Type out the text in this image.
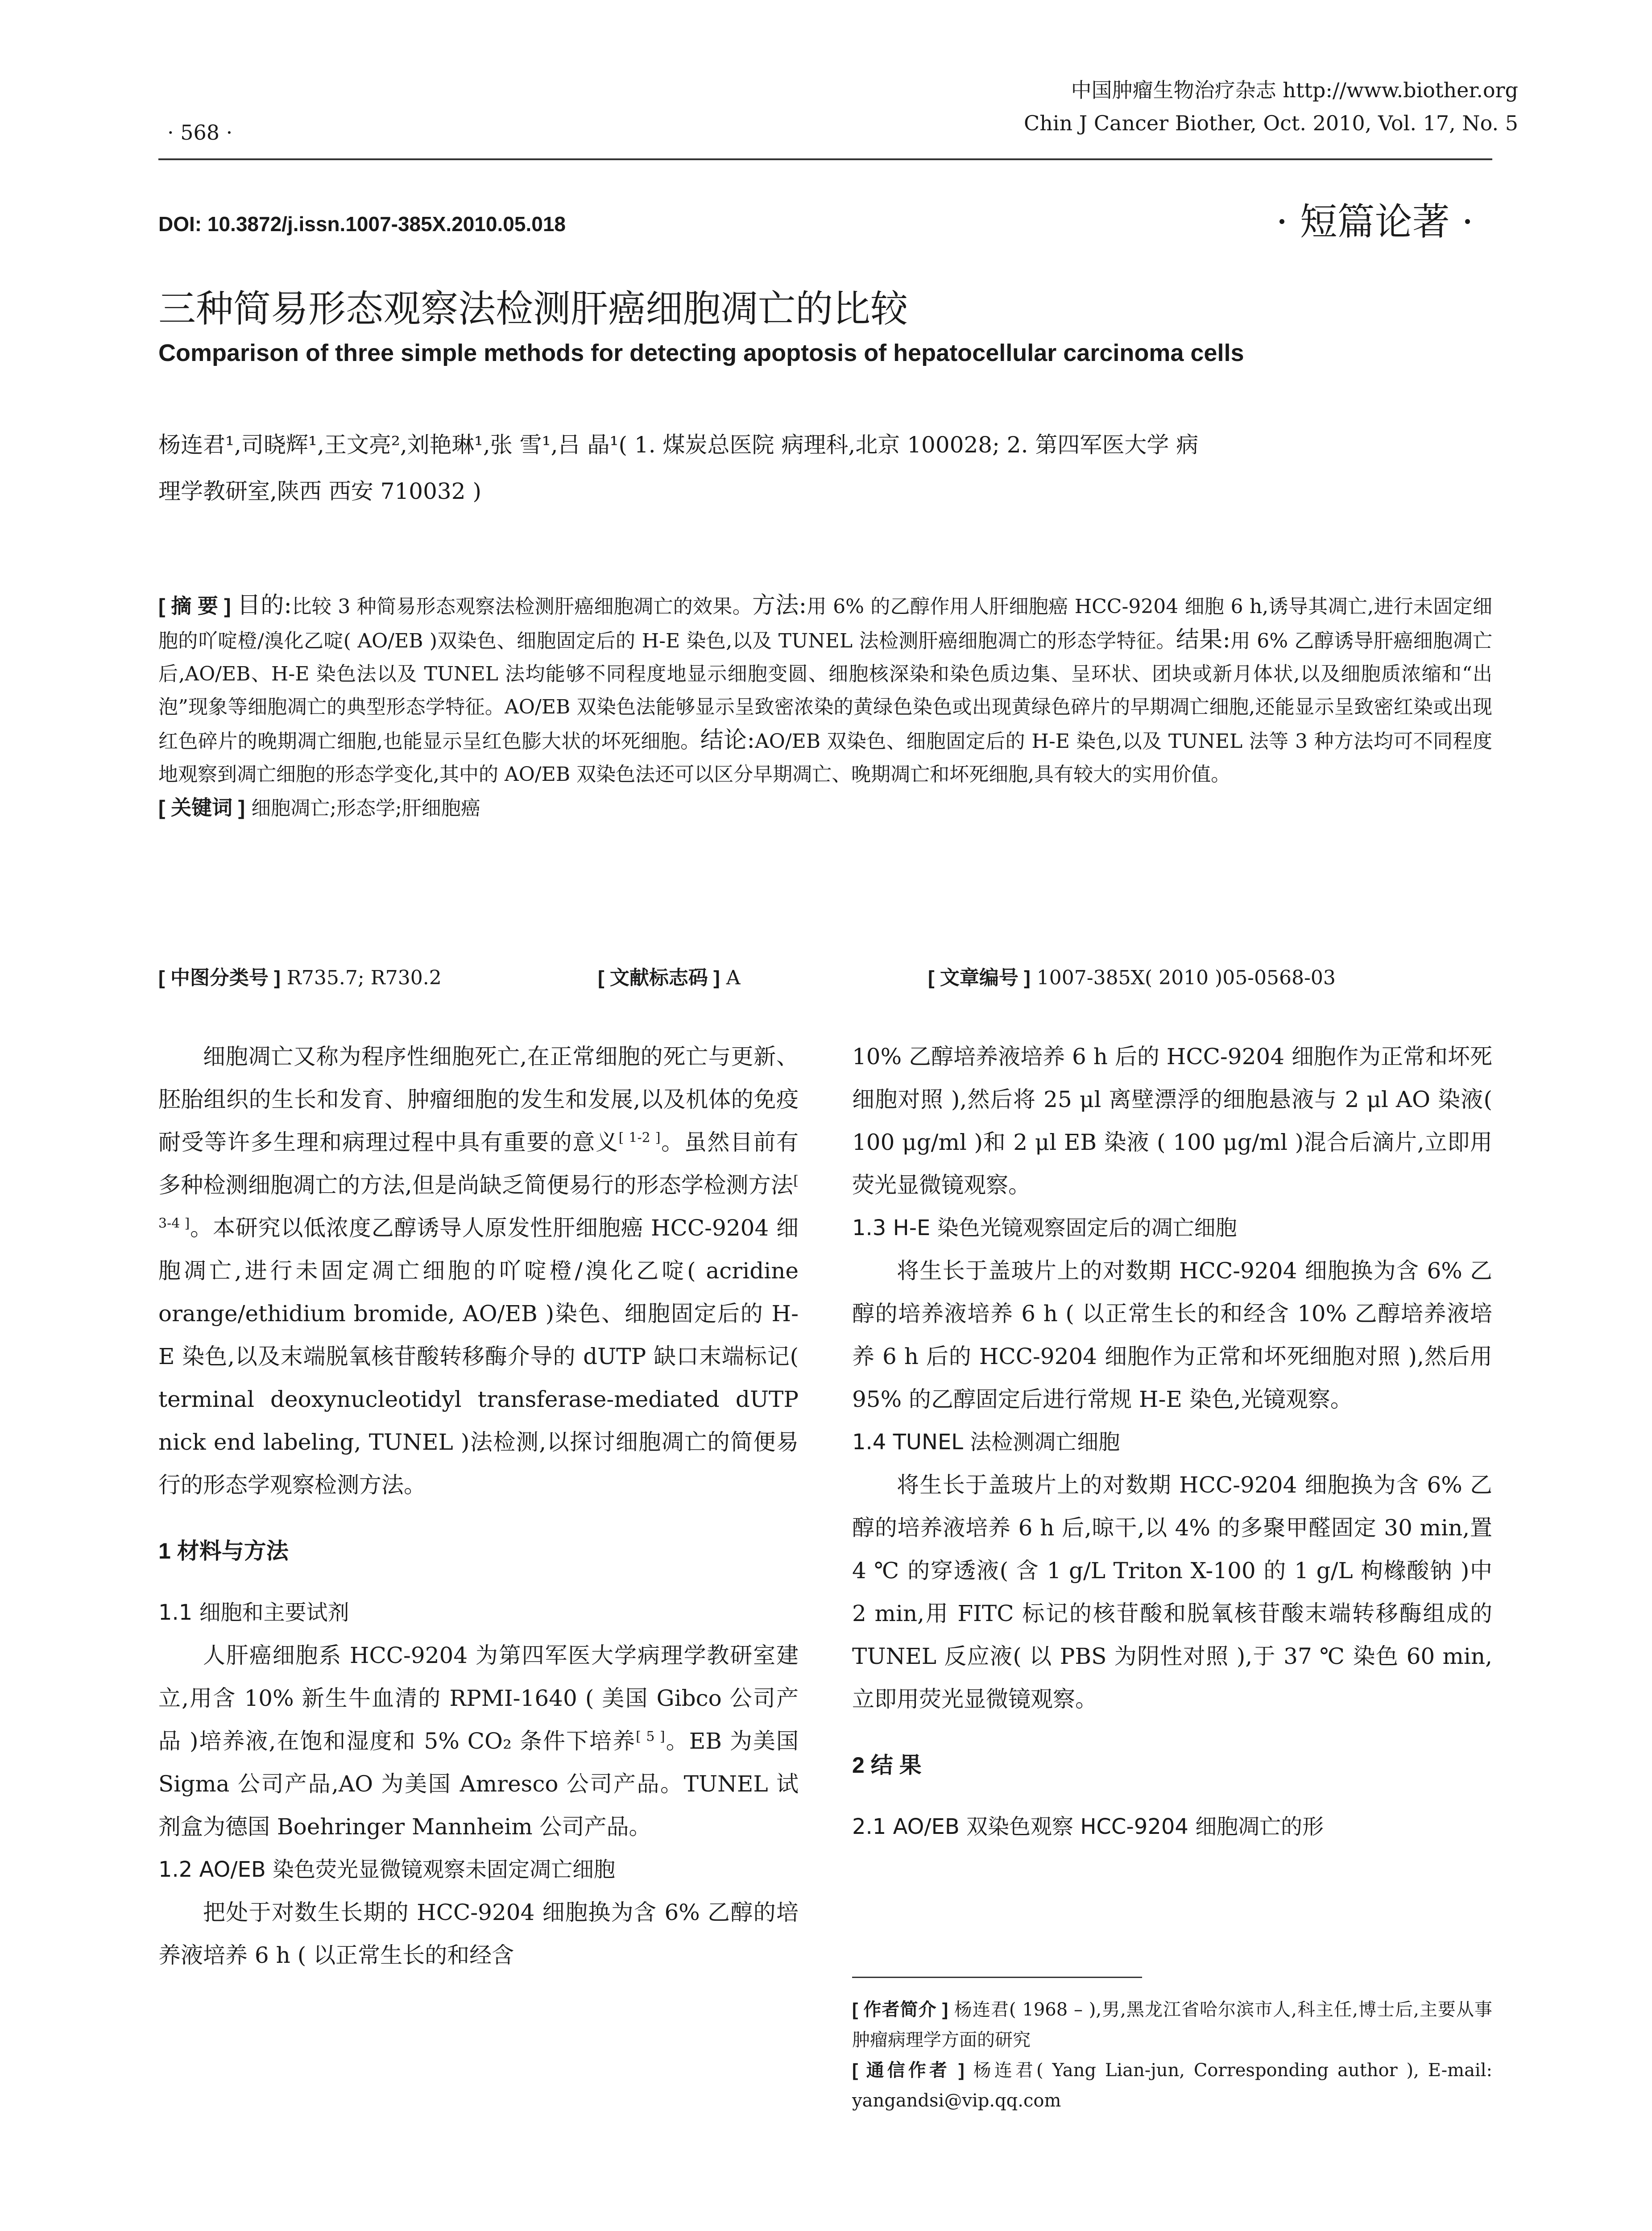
中国肿瘤生物治疗杂志 http://www.biother.org
Chin J Cancer Biother, Oct. 2010, Vol. 17, No. 5
· 568 ·
DOI: 10.3872/j.issn.1007-385X.2010.05.018	· 短篇论著 ·
三种简易形态观察法检测肝癌细胞凋亡的比较
Comparison of three simple methods for detecting apoptosis of hepatocellular carcinoma cells
杨连君¹,司晓辉¹,王文亮²,刘艳琳¹,张 雪¹,吕 晶¹( 1. 煤炭总医院 病理科,北京 100028; 2. 第四军医大学 病
理学教研室,陕西 西安 710032 )
[ 摘 要 ] 目的:比较 3 种简易形态观察法检测肝癌细胞凋亡的效果。方法:用 6% 的乙醇作用人肝细胞癌 HCC-9204 细胞 6 h,诱导其凋亡,进行未固定细胞的吖啶橙/溴化乙啶( AO/EB )双染色、细胞固定后的 H-E 染色,以及 TUNEL 法检测肝癌细胞凋亡的形态学特征。结果:用 6% 乙醇诱导肝癌细胞凋亡后,AO/EB、H-E 染色法以及 TUNEL 法均能够不同程度地显示细胞变圆、细胞核深染和染色质边集、呈环状、团块或新月体状,以及细胞质浓缩和“出泡”现象等细胞凋亡的典型形态学特征。AO/EB 双染色法能够显示呈致密浓染的黄绿色染色或出现黄绿色碎片的早期凋亡细胞,还能显示呈致密红染或出现红色碎片的晚期凋亡细胞,也能显示呈红色膨大状的坏死细胞。结论:AO/EB 双染色、细胞固定后的 H-E 染色,以及 TUNEL 法等 3 种方法均可不同程度地观察到凋亡细胞的形态学变化,其中的 AO/EB 双染色法还可以区分早期凋亡、晚期凋亡和坏死细胞,具有较大的实用价值。
[ 关键词 ] 细胞凋亡;形态学;肝细胞癌
[ 中图分类号 ] R735.7; R730.2	[ 文献标志码 ] A	[ 文章编号 ] 1007-385X( 2010 )05-0568-03

细胞凋亡又称为程序性细胞死亡,在正常细胞的死亡与更新、胚胎组织的生长和发育、肿瘤细胞的发生和发展,以及机体的免疫耐受等许多生理和病理过程中具有重要的意义[ 1-2 ]。虽然目前有多种检测细胞凋亡的方法,但是尚缺乏简便易行的形态学检测方法[ 3-4 ]。本研究以低浓度乙醇诱导人原发性肝细胞癌 HCC-9204 细胞凋亡,进行未固定凋亡细胞的吖啶橙/溴化乙啶( acridine orange/ethidium bromide, AO/EB )染色、细胞固定后的 H-E 染色,以及末端脱氧核苷酸转移酶介导的 dUTP 缺口末端标记( terminal deoxynucleotidyl transferase-mediated dUTP nick end labeling, TUNEL )法检测,以探讨细胞凋亡的简便易行的形态学观察检测方法。

1 材料与方法
1.1 细胞和主要试剂

人肝癌细胞系 HCC-9204 为第四军医大学病理学教研室建立,用含 10% 新生牛血清的 RPMI-1640 ( 美国 Gibco 公司产品 )培养液,在饱和湿度和 5% CO₂ 条件下培养[ 5 ]。EB 为美国 Sigma 公司产品,AO 为美国 Amresco 公司产品。TUNEL 试剂盒为德国 Boehringer Mannheim 公司产品。

1.2 AO/EB 染色荧光显微镜观察未固定凋亡细胞

把处于对数生长期的 HCC-9204 细胞换为含 6% 乙醇的培养液培养 6 h ( 以正常生长的和经含

10% 乙醇培养液培养 6 h 后的 HCC-9204 细胞作为正常和坏死细胞对照 ),然后将 25 μl 离壁漂浮的细胞悬液与 2 μl AO 染液( 100 μg/ml )和 2 μl EB 染液 ( 100 μg/ml )混合后滴片,立即用荧光显微镜观察。

1.3 H-E 染色光镜观察固定后的凋亡细胞

将生长于盖玻片上的对数期 HCC-9204 细胞换为含 6% 乙醇的培养液培养 6 h ( 以正常生长的和经含 10% 乙醇培养液培养 6 h 后的 HCC-9204 细胞作为正常和坏死细胞对照 ),然后用 95% 的乙醇固定后进行常规 H-E 染色,光镜观察。

1.4 TUNEL 法检测凋亡细胞

将生长于盖玻片上的对数期 HCC-9204 细胞换为含 6% 乙醇的培养液培养 6 h 后,晾干,以 4% 的多聚甲醛固定 30 min,置 4 ℃ 的穿透液( 含 1 g/L Triton X-100 的 1 g/L 枸橼酸钠 )中 2 min,用 FITC 标记的核苷酸和脱氧核苷酸末端转移酶组成的 TUNEL 反应液( 以 PBS 为阴性对照 ),于 37 ℃ 染色 60 min,立即用荧光显微镜观察。

2 结 果
2.1 AO/EB 双染色观察 HCC-9204 细胞凋亡的形
[ 作者简介 ] 杨连君( 1968 – ),男,黑龙江省哈尔滨市人,科主任,博士后,主要从事肿瘤病理学方面的研究
[ 通信作者 ] 杨连君( Yang Lian-jun, Corresponding author ), E-mail: yangandsi@vip.qq.com
